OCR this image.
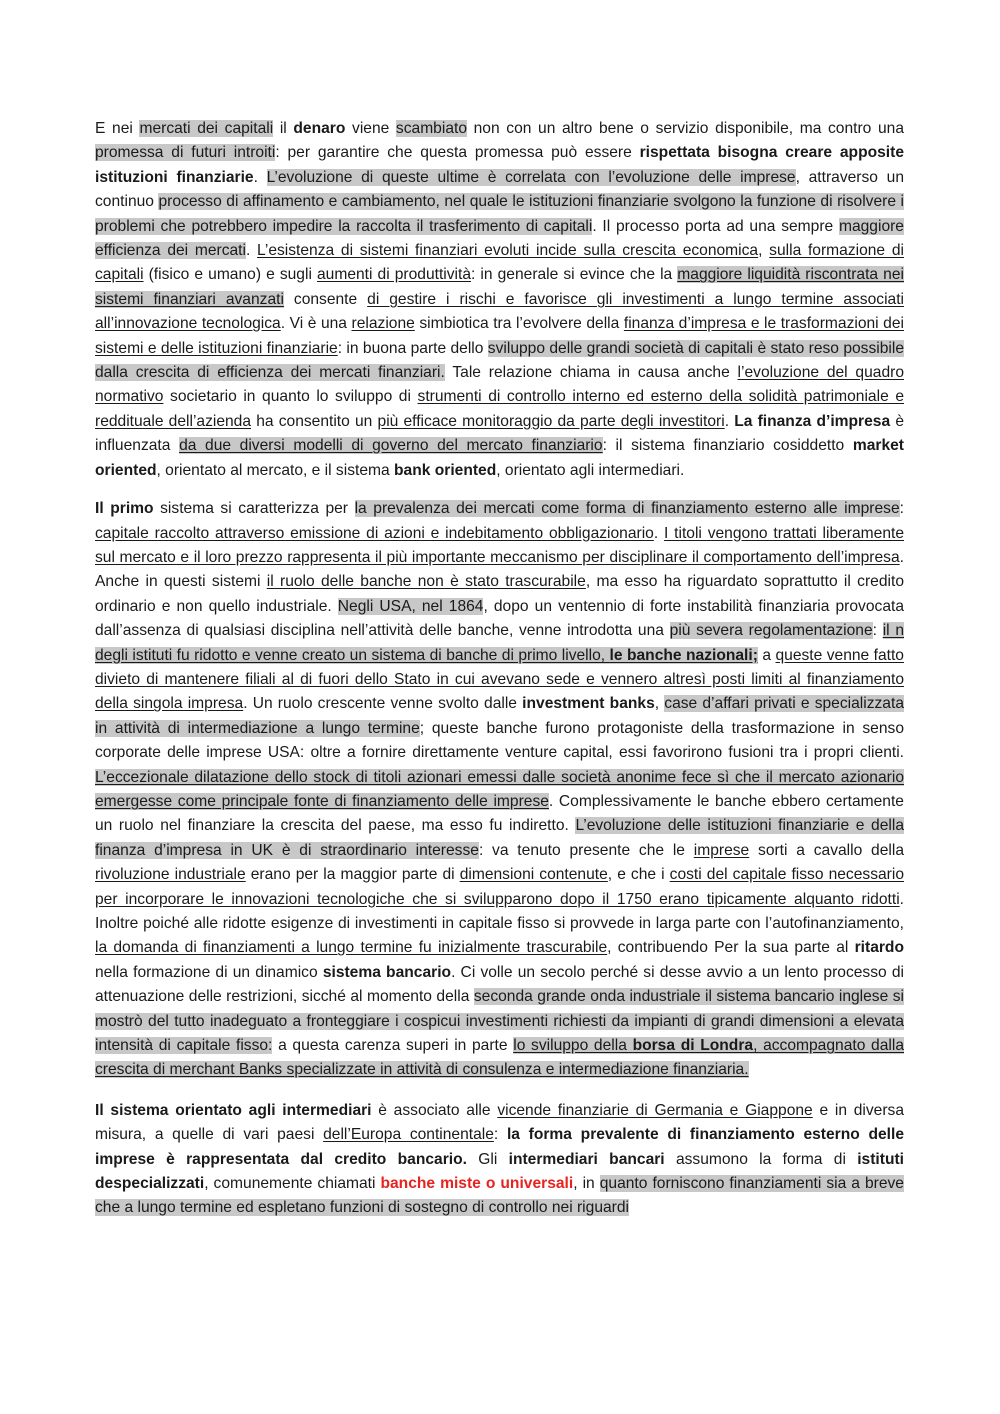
E nei mercati dei capitali il denaro viene scambiato non con un altro bene o servizio disponibile, ma contro una promessa di futuri introiti: per garantire che questa promessa può essere rispettata bisogna creare apposite istituzioni finanziarie. L’evoluzione di queste ultime è correlata con l’evoluzione delle imprese, attraverso un continuo processo di affinamento e cambiamento, nel quale le istituzioni finanziarie svolgono la funzione di risolvere i problemi che potrebbero impedire la raccolta il trasferimento di capitali. Il processo porta ad una sempre maggiore efficienza dei mercati. L’esistenza di sistemi finanziari evoluti incide sulla crescita economica, sulla formazione di capitali (fisico e umano) e sugli aumenti di produttività: in generale si evince che la maggiore liquidità riscontrata nei sistemi finanziari avanzati consente di gestire i rischi e favorisce gli investimenti a lungo termine associati all’innovazione tecnologica. Vi è una relazione simbiotica tra l’evolvere della finanza d’impresa e le trasformazioni dei sistemi e delle istituzioni finanziarie: in buona parte dello sviluppo delle grandi società di capitali è stato reso possibile dalla crescita di efficienza dei mercati finanziari. Tale relazione chiama in causa anche l’evoluzione del quadro normativo societario in quanto lo sviluppo di strumenti di controllo interno ed esterno della solidità patrimoniale e reddituale dell’azienda ha consentito un più efficace monitoraggio da parte degli investitori. La finanza d’impresa è influenzata da due diversi modelli di governo del mercato finanziario: il sistema finanziario cosiddetto market oriented, orientato al mercato, e il sistema bank oriented, orientato agli intermediari.

Il primo sistema si caratterizza per la prevalenza dei mercati come forma di finanziamento esterno alle imprese: capitale raccolto attraverso emissione di azioni e indebitamento obbligazionario. I titoli vengono trattati liberamente sul mercato e il loro prezzo rappresenta il più importante meccanismo per disciplinare il comportamento dell’impresa. Anche in questi sistemi il ruolo delle banche non è stato trascurabile, ma esso ha riguardato soprattutto il credito ordinario e non quello industriale. Negli USA, nel 1864, dopo un ventennio di forte instabilità finanziaria provocata dall’assenza di qualsiasi disciplina nell’attività delle banche, venne introdotta una più severa regolamentazione: il n degli istituti fu ridotto e venne creato un sistema di banche di primo livello, le banche nazionali; a queste venne fatto divieto di mantenere filiali al di fuori dello Stato in cui avevano sede e vennero altresì posti limiti al finanziamento della singola impresa. Un ruolo crescente venne svolto dalle investment banks, case d’affari privati e specializzata in attività di intermediazione a lungo termine; queste banche furono protagoniste della trasformazione in senso corporate delle imprese USA: oltre a fornire direttamente venture capital, essi favorirono fusioni tra i propri clienti. L’eccezionale dilatazione dello stock di titoli azionari emessi dalle società anonime fece sì che il mercato azionario emergesse come principale fonte di finanziamento delle imprese. Complessivamente le banche ebbero certamente un ruolo nel finanziare la crescita del paese, ma esso fu indiretto. L’evoluzione delle istituzioni finanziarie e della finanza d’impresa in UK è di straordinario interesse: va tenuto presente che le imprese sorti a cavallo della rivoluzione industriale erano per la maggior parte di dimensioni contenute, e che i costi del capitale fisso necessario per incorporare le innovazioni tecnologiche che si svilupparono dopo il 1750 erano tipicamente alquanto ridotti. Inoltre poiché alle ridotte esigenze di investimenti in capitale fisso si provvede in larga parte con l’autofinanziamento, la domanda di finanziamenti a lungo termine fu inizialmente trascurabile, contribuendo Per la sua parte al ritardo nella formazione di un dinamico sistema bancario. Ci volle un secolo perché si desse avvio a un lento processo di attenuazione delle restrizioni, sicché al momento della seconda grande onda industriale il sistema bancario inglese si mostrò del tutto inadeguato a fronteggiare i cospicui investimenti richiesti da impianti di grandi dimensioni a elevata intensità di capitale fisso: a questa carenza superi in parte lo sviluppo della borsa di Londra, accompagnato dalla crescita di merchant Banks specializzate in attività di consulenza e intermediazione finanziaria.

Il sistema orientato agli intermediari è associato alle vicende finanziarie di Germania e Giappone e in diversa misura, a quelle di vari paesi dell’Europa continentale: la forma prevalente di finanziamento esterno delle imprese è rappresentata dal credito bancario. Gli intermediari bancari assumono la forma di istituti despecializzati, comunemente chiamati banche miste o universali, in quanto forniscono finanziamenti sia a breve che a lungo termine ed espletano funzioni di sostegno di controllo nei riguardi
